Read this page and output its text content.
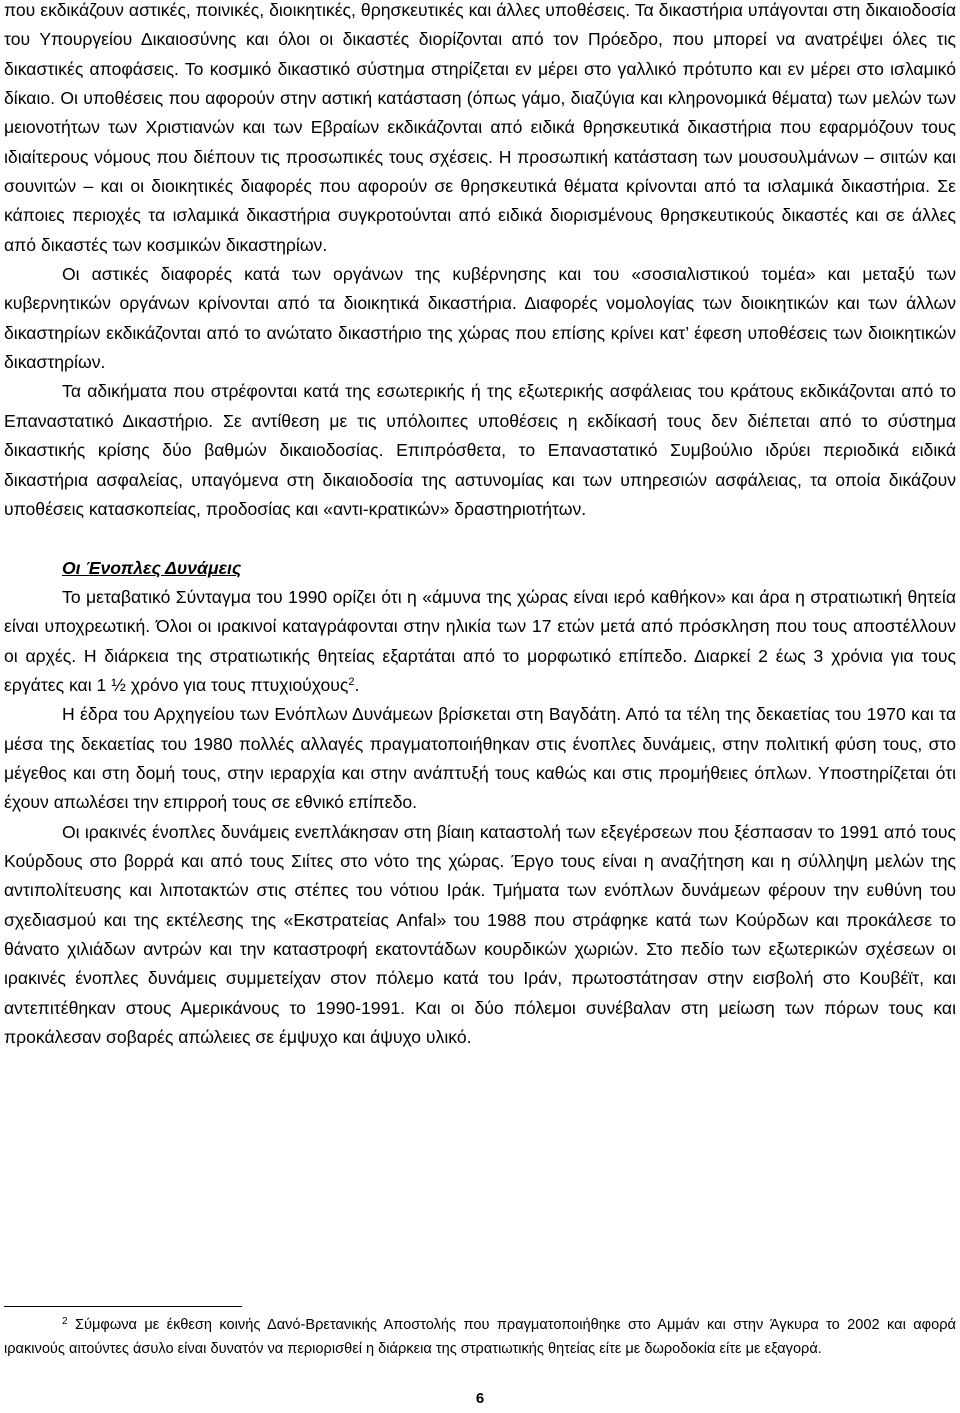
που εκδικάζουν αστικές, ποινικές, διοικητικές, θρησκευτικές και άλλες υποθέσεις. Τα δικαστήρια υπάγονται στη δικαιοδοσία του Υπουργείου Δικαιοσύνης και όλοι οι δικαστές διορίζονται από τον Πρόεδρο, που μπορεί να ανατρέψει όλες τις δικαστικές αποφάσεις. Το κοσμικό δικαστικό σύστημα στηρίζεται εν μέρει στο γαλλικό πρότυπο και εν μέρει στο ισλαμικό δίκαιο. Οι υποθέσεις που αφορούν στην αστική κατάσταση (όπως γάμο, διαζύγια και κληρονομικά θέματα) των μελών των μειονοτήτων των Χριστιανών και των Εβραίων εκδικάζονται από ειδικά θρησκευτικά δικαστήρια που εφαρμόζουν τους ιδιαίτερους νόμους που διέπουν τις προσωπικές τους σχέσεις. Η προσωπική κατάσταση των μουσουλμάνων – σιιτών και σουνιτών – και οι διοικητικές διαφορές που αφορούν σε θρησκευτικά θέματα κρίνονται από τα ισλαμικά δικαστήρια. Σε κάποιες περιοχές τα ισλαμικά δικαστήρια συγκροτούνται από ειδικά διορισμένους θρησκευτικούς δικαστές και σε άλλες από δικαστές των κοσμικών δικαστηρίων.

Οι αστικές διαφορές κατά των οργάνων της κυβέρνησης και του «σοσιαλιστικού τομέα» και μεταξύ των κυβερνητικών οργάνων κρίνονται από τα διοικητικά δικαστήρια. Διαφορές νομολογίας των διοικητικών και των άλλων δικαστηρίων εκδικάζονται από το ανώτατο δικαστήριο της χώρας που επίσης κρίνει κατ’ έφεση υποθέσεις των διοικητικών δικαστηρίων.

Τα αδικήματα που στρέφονται κατά της εσωτερικής ή της εξωτερικής ασφάλειας του κράτους εκδικάζονται από το Επαναστατικό Δικαστήριο. Σε αντίθεση με τις υπόλοιπες υποθέσεις η εκδίκασή τους δεν διέπεται από το σύστημα δικαστικής κρίσης δύο βαθμών δικαιοδοσίας. Επιπρόσθετα, το Επαναστατικό Συμβούλιο ιδρύει περιοδικά ειδικά δικαστήρια ασφαλείας, υπαγόμενα στη δικαιοδοσία της αστυνομίας και των υπηρεσιών ασφάλειας, τα οποία δικάζουν υποθέσεις κατασκοπείας, προδοσίας και «αντι-κρατικών» δραστηριοτήτων.

Οι Ένοπλες Δυνάμεις

Το μεταβατικό Σύνταγμα του 1990 ορίζει ότι η «άμυνα της χώρας είναι ιερό καθήκον» και άρα η στρατιωτική θητεία είναι υποχρεωτική. Όλοι οι ιρακινοί καταγράφονται στην ηλικία των 17 ετών μετά από πρόσκληση που τους αποστέλλουν οι αρχές. Η διάρκεια της στρατιωτικής θητείας εξαρτάται από το μορφωτικό επίπεδο. Διαρκεί 2 έως 3 χρόνια για τους εργάτες και 1 ½ χρόνο για τους πτυχιούχους$^2$.

Η έδρα του Αρχηγείου των Ενόπλων Δυνάμεων βρίσκεται στη Βαγδάτη. Από τα τέλη της δεκαετίας του 1970 και τα μέσα της δεκαετίας του 1980 πολλές αλλαγές πραγματοποιήθηκαν στις ένοπλες δυνάμεις, στην πολιτική φύση τους, στο μέγεθος και στη δομή τους, στην ιεραρχία και στην ανάπτυξή τους καθώς και στις προμήθειες όπλων. Υποστηρίζεται ότι έχουν απωλέσει την επιρροή τους σε εθνικό επίπεδο.

Οι ιρακινές ένοπλες δυνάμεις ενεπλάκησαν στη βίαιη καταστολή των εξεγέρσεων που ξέσπασαν το 1991 από τους Κούρδους στο βορρά και από τους Σιίτες στο νότο της χώρας. Έργο τους είναι η αναζήτηση και η σύλληψη μελών της αντιπολίτευσης και λιποτακτών στις στέπες του νότιου Ιράκ. Τμήματα των ενόπλων δυνάμεων φέρουν την ευθύνη του σχεδιασμού και της εκτέλεσης της «Εκστρατείας Anfal» του 1988 που στράφηκε κατά των Κούρδων και προκάλεσε το θάνατο χιλιάδων αντρών και την καταστροφή εκατοντάδων κουρδικών χωριών. Στο πεδίο των εξωτερικών σχέσεων οι ιρακινές ένοπλες δυνάμεις συμμετείχαν στον πόλεμο κατά του Ιράν, πρωτοστάτησαν στην εισβολή στο Κουβέϊτ, και αντεπιτέθηκαν στους Αμερικάνους το 1990-1991. Και οι δύο πόλεμοι συνέβαλαν στη μείωση των πόρων τους και προκάλεσαν σοβαρές απώλειες σε έμψυχο και άψυχο υλικό.

$^2$ Σύμφωνα με έκθεση κοινής Δανό-Βρετανικής Αποστολής που πραγματοποιήθηκε στο Αμμάν και στην Άγκυρα το 2002 και αφορά ιρακινούς αιτούντες άσυλο είναι δυνατόν να περιορισθεί η διάρκεια της στρατιωτικής θητείας είτε με δωροδοκία είτε με εξαγορά.
6
